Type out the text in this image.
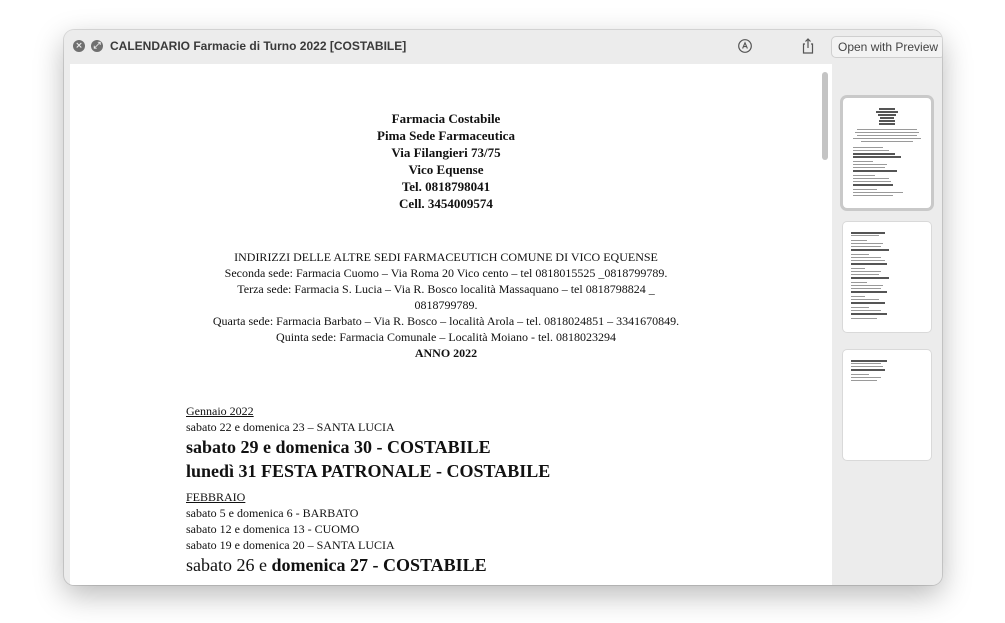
× ⤢ CALENDARIO Farmacie di Turno 2022 [COSTABILE]	Open with Preview
Farmacia Costabile
Pima Sede Farmaceutica
Via Filangieri 73/75
Vico Equense
Tel. 0818798041
Cell. 3454009574
INDIRIZZI DELLE ALTRE SEDI FARMACEUTICH COMUNE DI VICO EQUENSE
Seconda sede: Farmacia Cuomo – Via Roma 20 Vico cento – tel 0818015525 _0818799789.
Terza sede: Farmacia S. Lucia – Via R. Bosco località Massaquano – tel 0818798824 _
0818799789.
Quarta sede: Farmacia Barbato – Via R. Bosco – località Arola – tel. 0818024851 – 3341670849.
Quinta sede: Farmacia Comunale – Località Moiano - tel. 0818023294
ANNO 2022
Gennaio 2022
sabato 22 e domenica 23 – SANTA LUCIA
sabato 29 e domenica 30 - COSTABILE
lunedì 31 FESTA PATRONALE - COSTABILE
FEBBRAIO
sabato 5 e domenica 6 - BARBATO
sabato 12 e domenica 13 - CUOMO
sabato 19 e domenica 20 – SANTA LUCIA
sabato 26 e domenica 27 - COSTABILE
